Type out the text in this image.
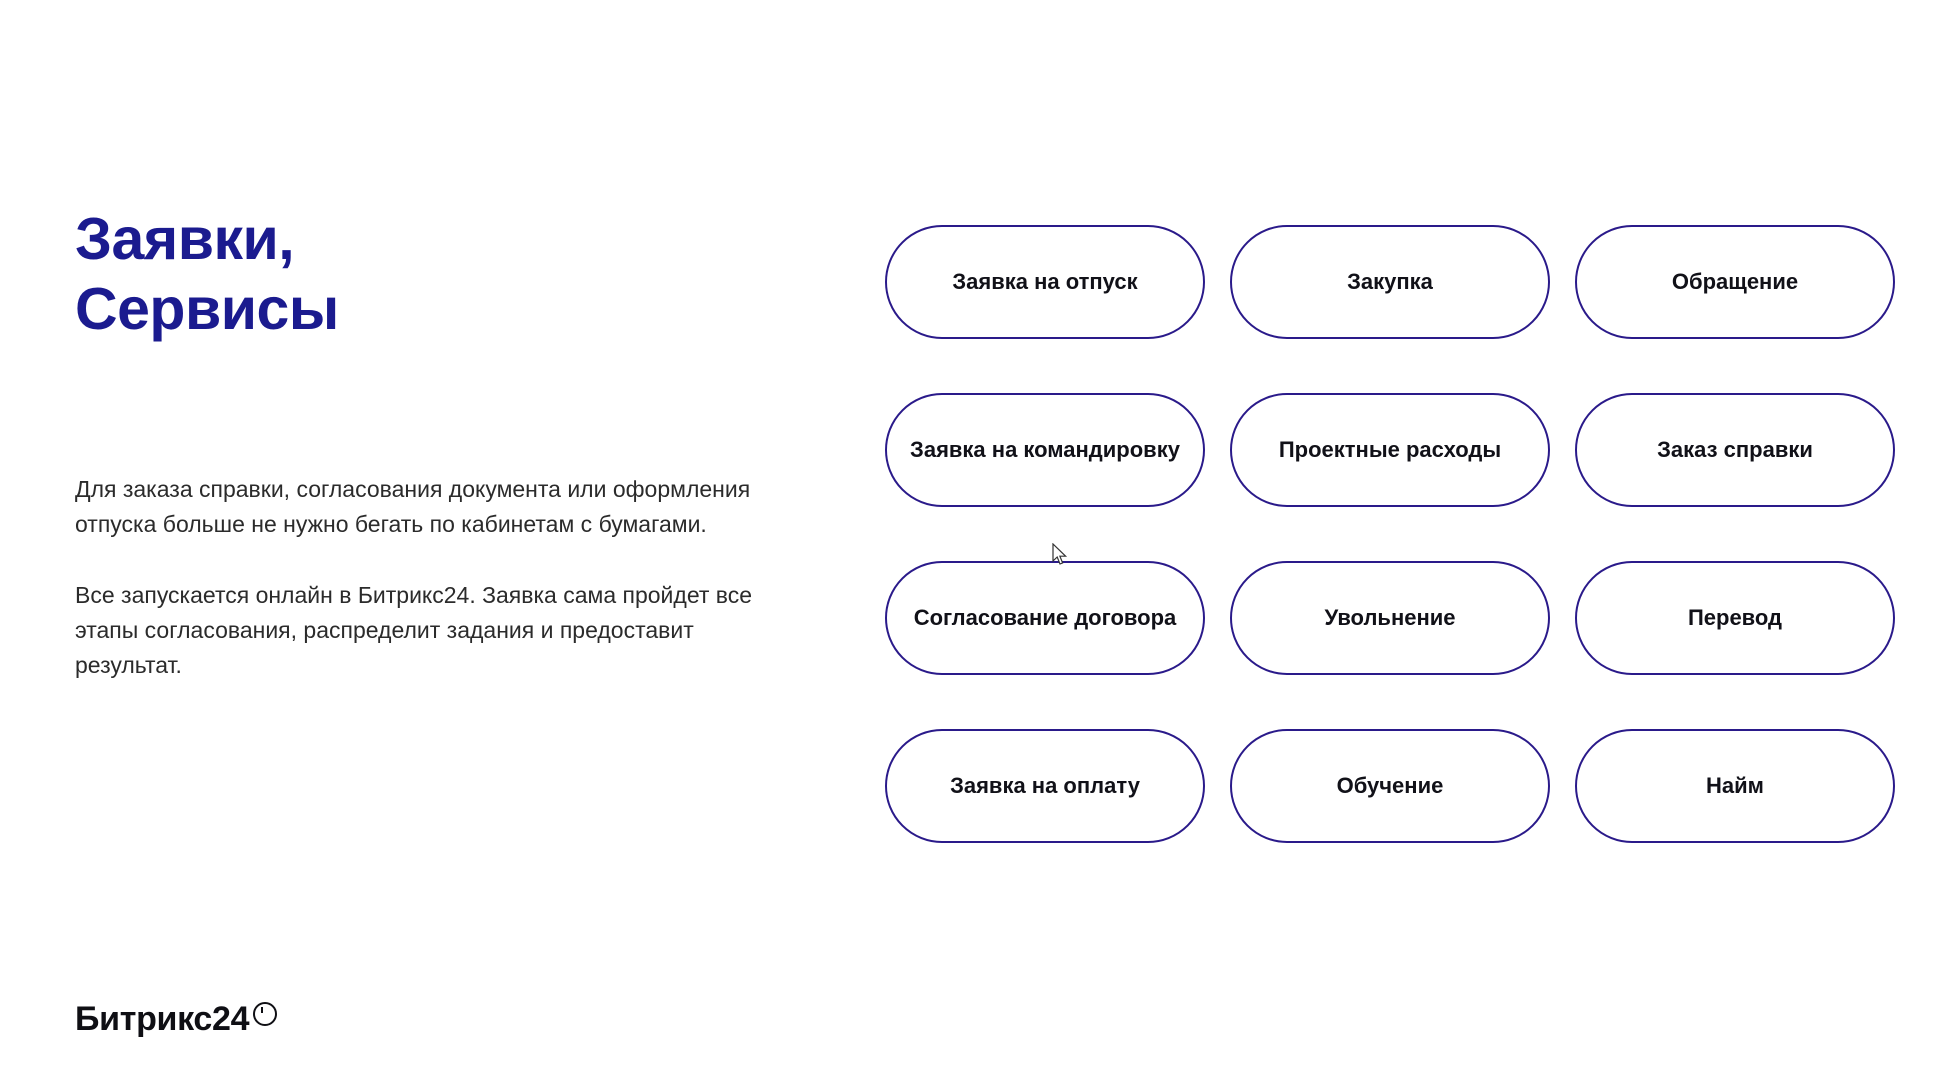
Заявки,
Сервисы

Для заказа справки, согласования документа или оформления отпуска больше не нужно бегать по кабинетам с бумагами.

Все запускается онлайн в Битрикс24. Заявка сама пройдет все этапы согласования, распределит задания и предоставит результат.

Заявка на отпуск	Закупка	Обращение
Заявка на командировку	Проектные расходы	Заказ справки
Согласование договора	Увольнение	Перевод
Заявка на оплату	Обучение	Найм
Битрикс24
